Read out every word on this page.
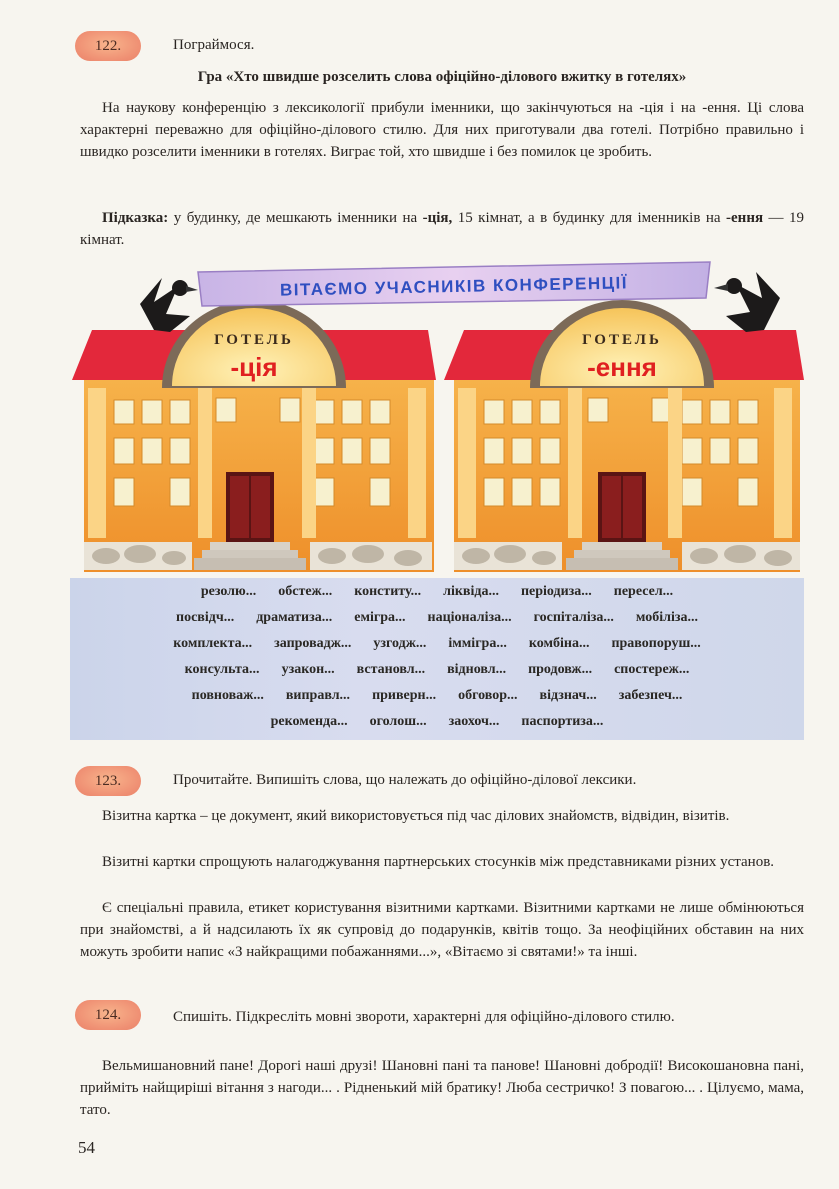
122.	Пограймося.
Гра «Хто швидше розселить слова офіційно-ділового вжитку в готелях»
На наукову конференцію з лексикології прибули іменники, що закінчуються на -ція і на -ення. Ці слова характерні переважно для офіційно-ділового стилю. Для них приготували два готелі. Потрібно правильно і швидко розселити іменники в готелях. Виграє той, хто швидше і без помилок це зробить.
Підказка: у будинку, де мешкають іменники на -ція, 15 кімнат, а в будинку для іменників на -ення — 19 кімнат.
ВІТАЄМО УЧАСНИКІВ КОНФЕРЕНЦІЇ
ГОТЕЛЬ
-ція
ГОТЕЛЬ
-ення
резолю... обстеж... конститу... ліквіда... періодиза... пересел...
посвідч... драматиза... емігра... націоналіза... госпіталіза... мобіліза...
комплекта... запровадж... узгодж... іммігра... комбіна... правопоруш...
консульта... узакон... встановл... відновл... продовж... спостереж...
повноваж... виправл... приверн... обговор... відзнач... забезпеч...
рекоменда... оголош... заохоч... паспортиза...
123.	Прочитайте. Випишіть слова, що належать до офіційно-ділової лексики.
Візитна картка – це документ, який використовується під час ділових знайомств, відвідин, візитів.
Візитні картки спрощують налагоджування партнерських стосунків між представниками різних установ.
Є спеціальні правила, етикет користування візитними картками. Візитними картками не лише обмінюються при знайомстві, а й надсилають їх як супровід до подарунків, квітів тощо. За неофіційних обставин на них можуть зробити напис «З найкращими побажаннями...», «Вітаємо зі святами!» та інші.
124.	Спишіть. Підкресліть мовні звороти, характерні для офіційно-ділового стилю.
Вельмишановний пане! Дорогі наші друзі! Шановні пані та панове! Шановні добродії! Високошановна пані, прийміть найщиріші вітання з нагоди... . Рідненький мій братику! Люба сестричко! З повагою... . Цілуємо, мама, тато.
54
